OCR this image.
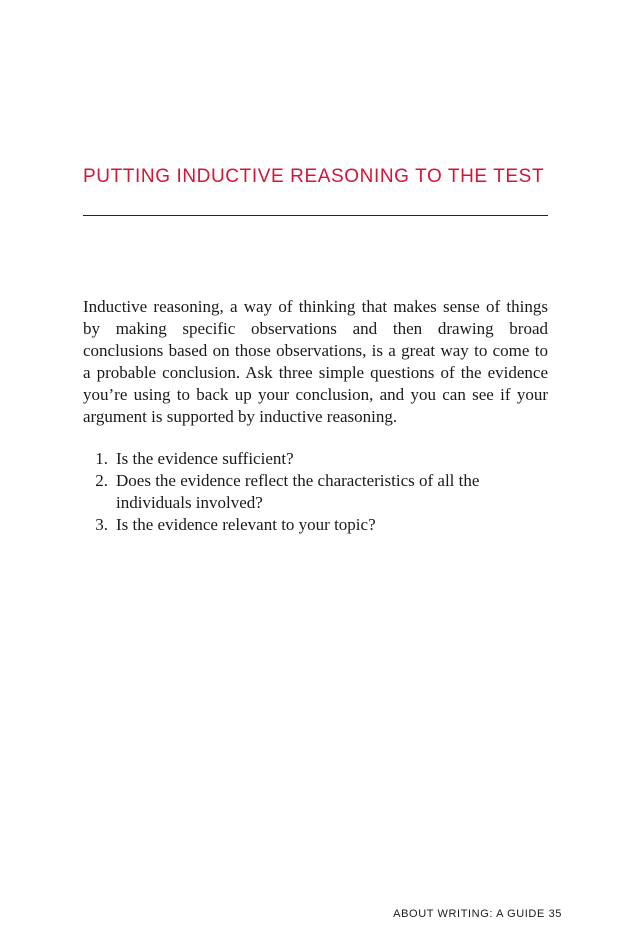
PUTTING INDUCTIVE REASONING TO THE TEST

Inductive reasoning, a way of thinking that makes sense of things by making specific observations and then drawing broad conclusions based on those observations, is a great way to come to a probable conclusion. Ask three simple questions of the evidence you’re using to back up your conclusion, and you can see if your argument is supported by inductive reasoning.

1. Is the evidence sufficient?
2. Does the evidence reflect the characteristics of all the individuals involved?
3. Is the evidence relevant to your topic?
ABOUT WRITING: A GUIDE 35
